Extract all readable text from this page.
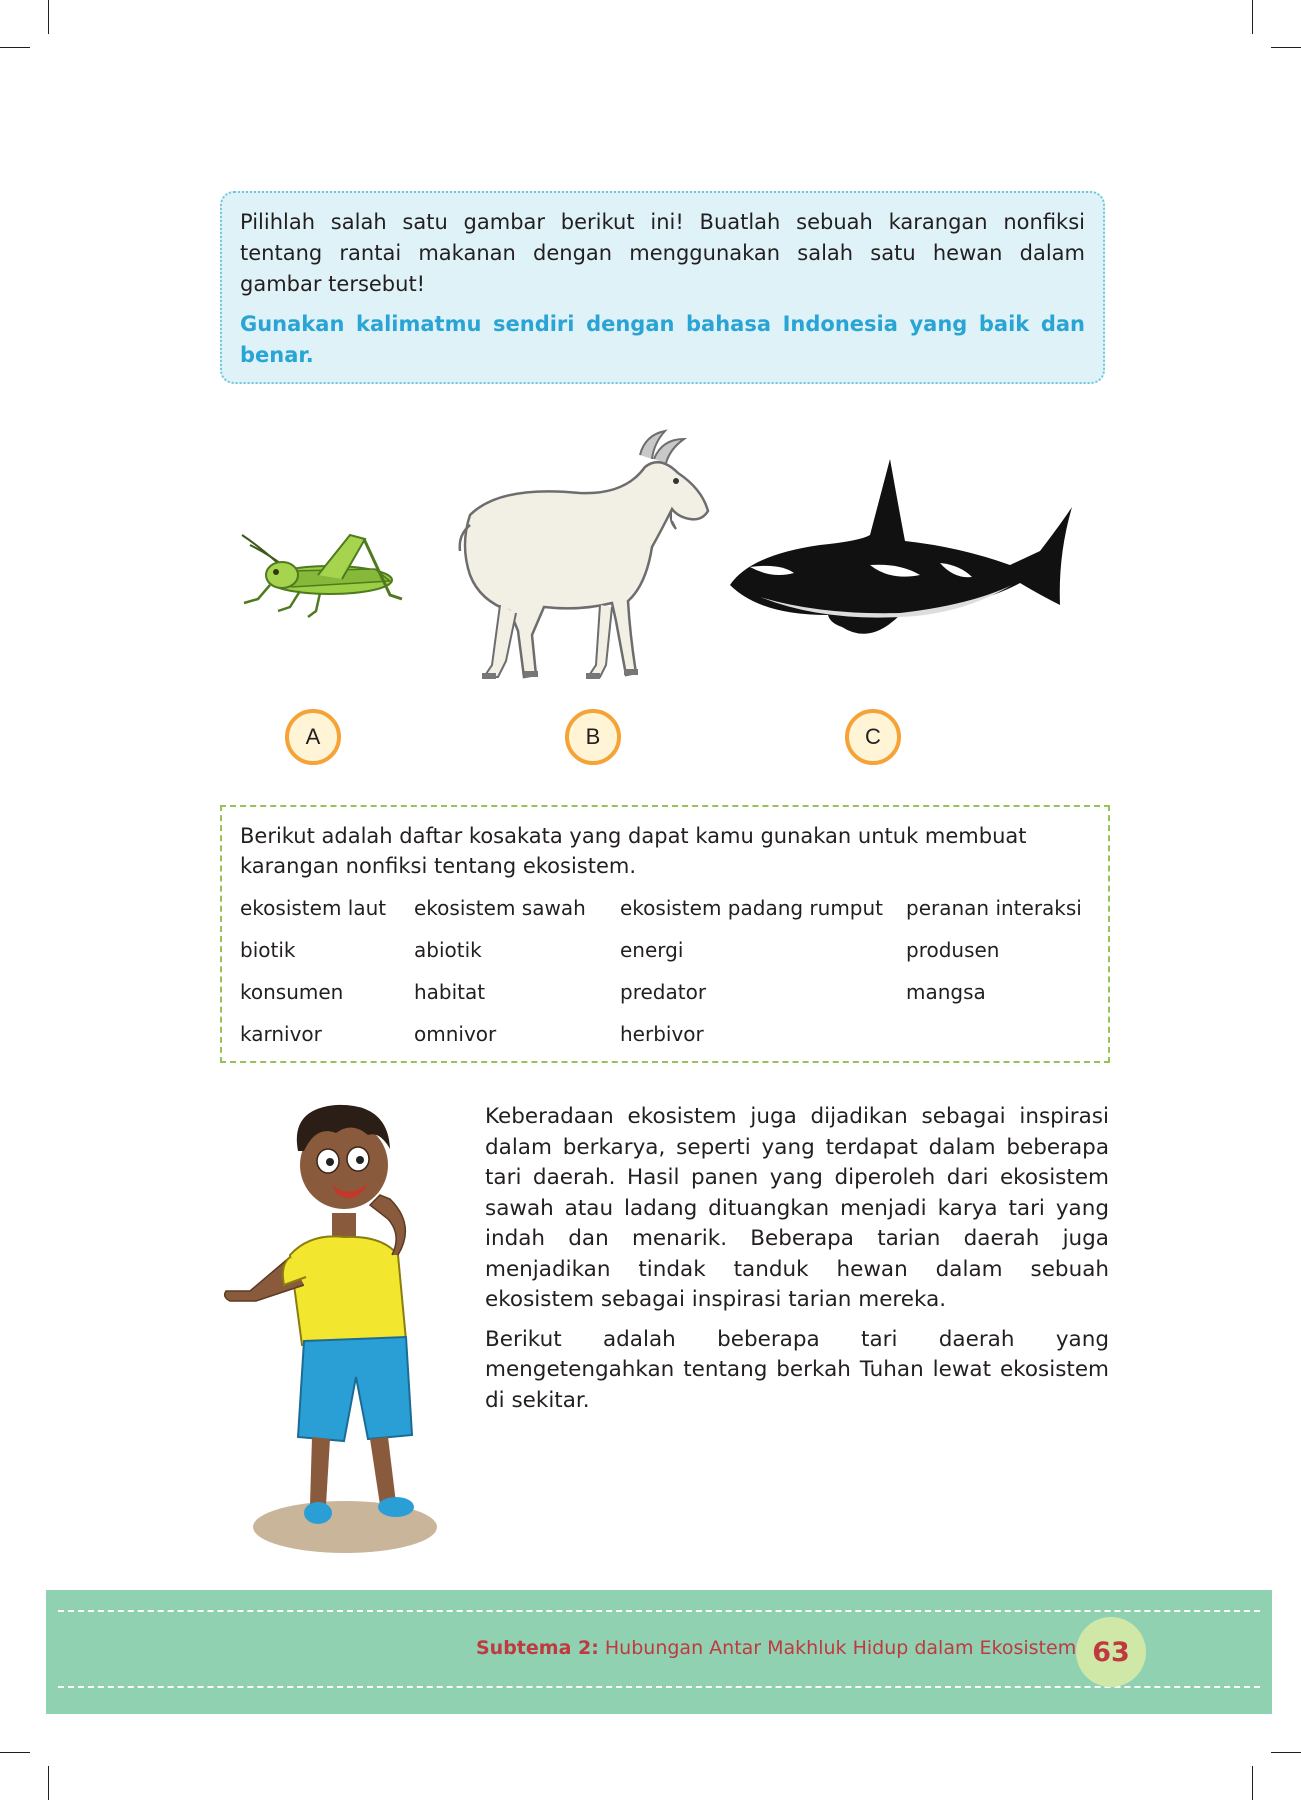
Pilihlah salah satu gambar berikut ini! Buatlah sebuah karangan nonfiksi tentang rantai makanan dengan menggunakan salah satu hewan dalam gambar tersebut!

Gunakan kalimatmu sendiri dengan bahasa Indonesia yang baik dan benar.

A	B	C
Berikut adalah daftar kosakata yang dapat kamu gunakan untuk membuat karangan nonfiksi tentang ekosistem.
ekosistem laut	ekosistem sawah	ekosistem padang rumput	peranan interaksi
biotik	abiotik	energi	produsen
konsumen	habitat	predator	mangsa
karnivor	omnivor	herbivor

Keberadaan ekosistem juga dijadikan sebagai inspirasi dalam berkarya, seperti yang terdapat dalam beberapa tari daerah. Hasil panen yang diperoleh dari ekosistem sawah atau ladang dituangkan menjadi karya tari yang indah dan menarik. Beberapa tarian daerah juga menjadikan tindak tanduk hewan dalam sebuah ekosistem sebagai inspirasi tarian mereka.

Berikut adalah beberapa tari daerah yang mengetengahkan tentang berkah Tuhan lewat ekosistem di sekitar.

Subtema 2: Hubungan Antar Makhluk Hidup dalam Ekosistem 63
